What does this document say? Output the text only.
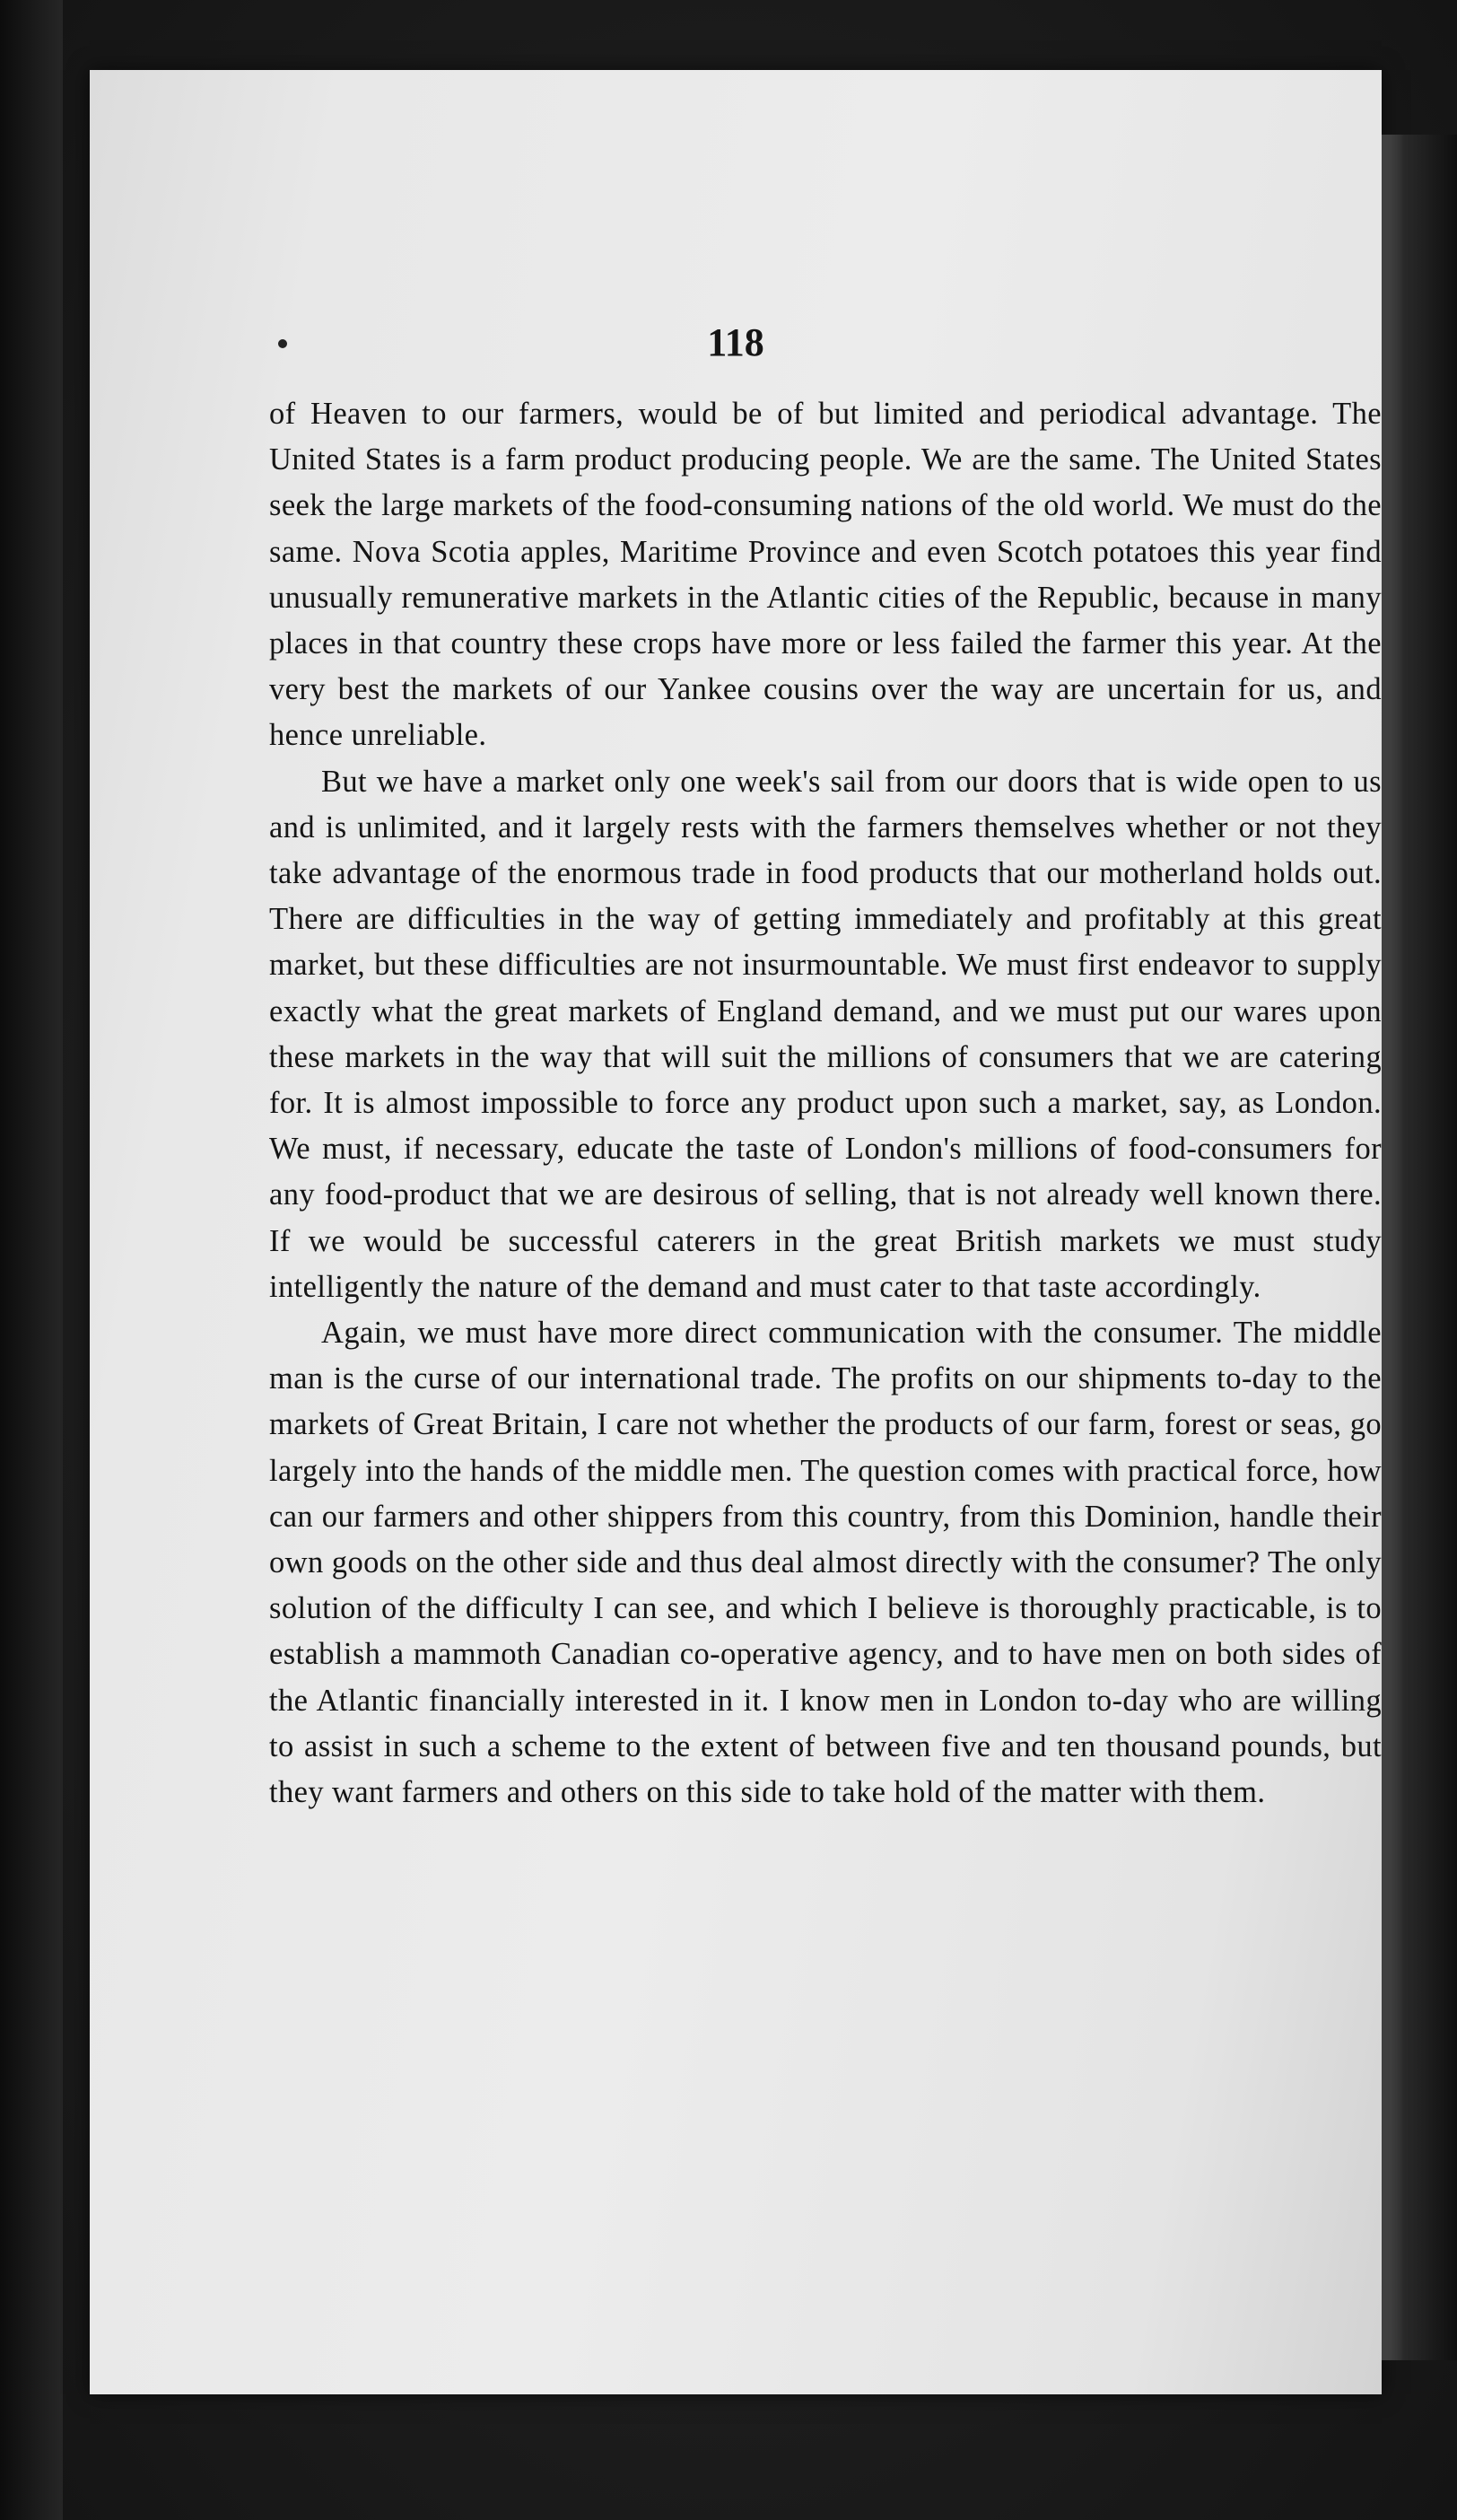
118

of Heaven to our farmers, would be of but limited and periodical advantage. The United States is a farm product producing people. We are the same. The United States seek the large markets of the food-consuming nations of the old world. We must do the same. Nova Scotia apples, Maritime Province and even Scotch potatoes this year find unusually remunerative markets in the Atlantic cities of the Republic, because in many places in that country these crops have more or less failed the farmer this year. At the very best the markets of our Yankee cousins over the way are uncertain for us, and hence unreliable.

But we have a market only one week's sail from our doors that is wide open to us and is unlimited, and it largely rests with the farmers themselves whether or not they take advantage of the enormous trade in food products that our motherland holds out. There are difficulties in the way of getting immediately and profitably at this great market, but these difficulties are not insurmountable. We must first endeavor to supply exactly what the great markets of England demand, and we must put our wares upon these markets in the way that will suit the millions of consumers that we are catering for. It is almost impossible to force any product upon such a market, say, as London. We must, if necessary, educate the taste of London's millions of food-consumers for any food-product that we are desirous of selling, that is not already well known there. If we would be successful caterers in the great British markets we must study intelligently the nature of the demand and must cater to that taste accordingly.

Again, we must have more direct communication with the consumer. The middle man is the curse of our international trade. The profits on our shipments to-day to the markets of Great Britain, I care not whether the products of our farm, forest or seas, go largely into the hands of the middle men. The question comes with practical force, how can our farmers and other shippers from this country, from this Dominion, handle their own goods on the other side and thus deal almost directly with the consumer? The only solution of the difficulty I can see, and which I believe is thoroughly practicable, is to establish a mammoth Canadian co-operative agency, and to have men on both sides of the Atlantic financially interested in it. I know men in London to-day who are willing to assist in such a scheme to the extent of between five and ten thousand pounds, but they want farmers and others on this side to take hold of the matter with them.
